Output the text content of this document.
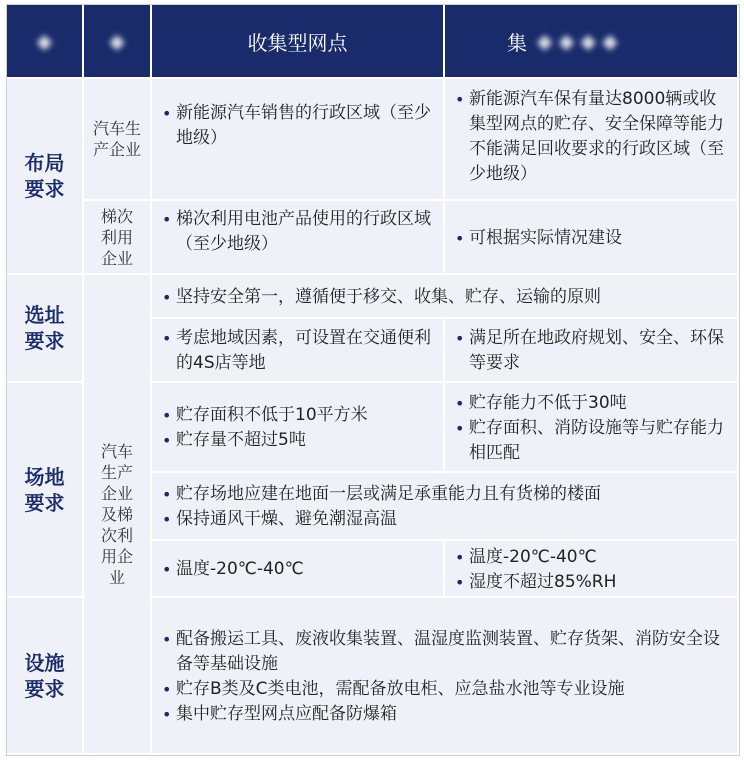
◆	◆	收集型网点	集 ◆ ◆ ◆ ◆
布局要求
汽车生产企业
• 新能源汽车销售的行政区域（至少地级）
• 新能源汽车保有量达8000辆或收集型网点的贮存、安全保障等能力不能满足回收要求的行政区域（至少地级）
梯次利用企业
• 梯次利用电池产品使用的行政区域（至少地级）
•	可根据实际情况建设
汽车生产企业及梯次利用企业
选址要求
• 坚持安全第一，遵循便于移交、收集、贮存、运输的原则
• 考虑地域因素，可设置在交通便利的4S店等地
• 满足所在地政府规划、安全、环保等要求
场地要求
• 贮存面积不低于10平方米
• 贮存量不超过5吨
• 贮存能力不低于30吨
• 贮存面积、消防设施等与贮存能力相匹配
• 贮存场地应建在地面一层或满足承重能力且有货梯的楼面
• 保持通风干燥、避免潮湿高温
• 温度-20℃-40℃
• 温度-20℃-40℃
• 湿度不超过85%RH
设施要求
• 配备搬运工具、废液收集装置、温湿度监测装置、贮存货架、消防安全设备等基础设施
• 贮存B类及C类电池，需配备放电柜、应急盐水池等专业设施
• 集中贮存型网点应配备防爆箱
